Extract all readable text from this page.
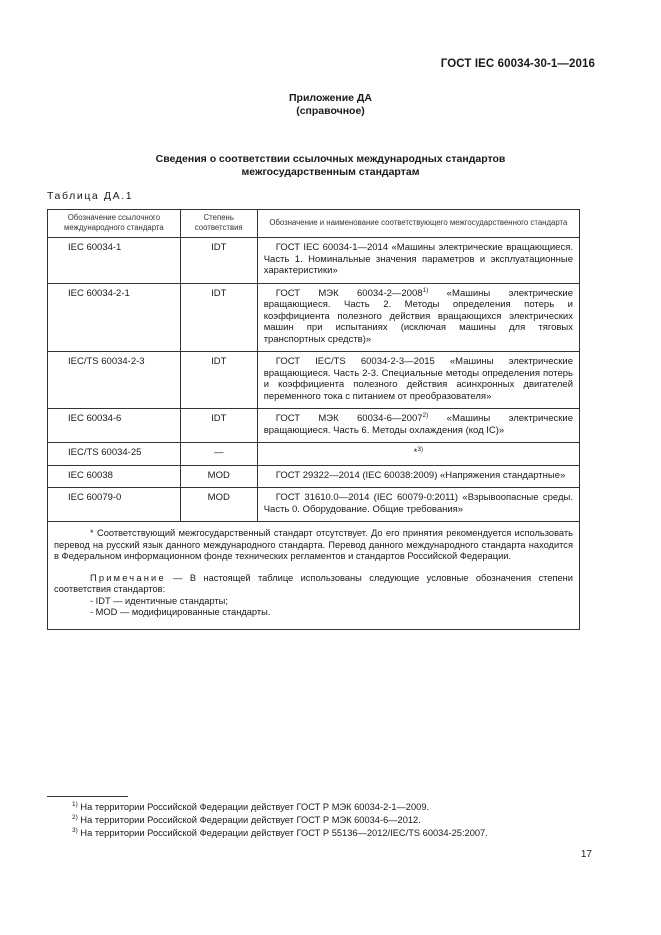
ГОСТ IEC 60034-30-1—2016
Приложение ДА
(справочное)
Сведения о соответствии ссылочных международных стандартов
межгосударственным стандартам
Таблица ДА.1
Обозначение ссылочного международного стандарта	Степень соответствия	Обозначение и наименование соответствующего межгосударственного стандарта
IEC 60034-1	IDT	ГОСТ IEC 60034-1—2014 «Машины электрические вращающиеся. Часть 1. Номинальные значения параметров и эксплуатационные характеристики»

IEC 60034-2-1	IDT	ГОСТ МЭК 60034-2—2008$^{1)}$ «Машины электрические вращающиеся. Часть 2. Методы определения потерь и коэффициента полезного действия вращающихся электрических машин при испытаниях (исключая машины для тяговых транспортных средств)»

IEC/TS 60034-2-3	IDT	ГОСТ IEC/TS 60034-2-3—2015 «Машины электрические вращающиеся. Часть 2-3. Специальные методы определения потерь и коэффициента полезного действия асинхронных двигателей переменного тока с питанием от преобразователя»

IEC 60034-6	IDT	ГОСТ МЭК 60034-6—2007$^{2)}$ «Машины электрические вращающиеся. Часть 6. Методы охлаждения (код IC)»

IEC/TS 60034-25	—	*$^{3)}$
IEC 60038	MOD	ГОСТ 29322—2014 (IEC 60038:2009) «Напряжения стандартные»

IEC 60079-0	MOD	ГОСТ 31610.0—2014 (IEC 60079-0:2011) «Взрывоопасные среды. Часть 0. Оборудование. Общие требования»

* Соответствующий межгосударственный стандарт отсутствует. До его принятия рекомендуется использовать перевод на русский язык данного международного стандарта. Перевод данного международного стандарта находится в Федеральном информационном фонде технических регламентов и стандартов Российской Федерации.

Примечание — В настоящей таблице использованы следующие условные обозначения степени соответствия стандартов:
- IDT — идентичные стандарты;
- MOD — модифицированные стандарты.		
$^{1)}$ На территории Российской Федерации действует ГОСТ Р МЭК 60034-2-1—2009.
$^{2)}$ На территории Российской Федерации действует ГОСТ Р МЭК 60034-6—2012.
$^{3)}$ На территории Российской Федерации действует ГОСТ Р 55136—2012/IEC/TS 60034-25:2007.
17
